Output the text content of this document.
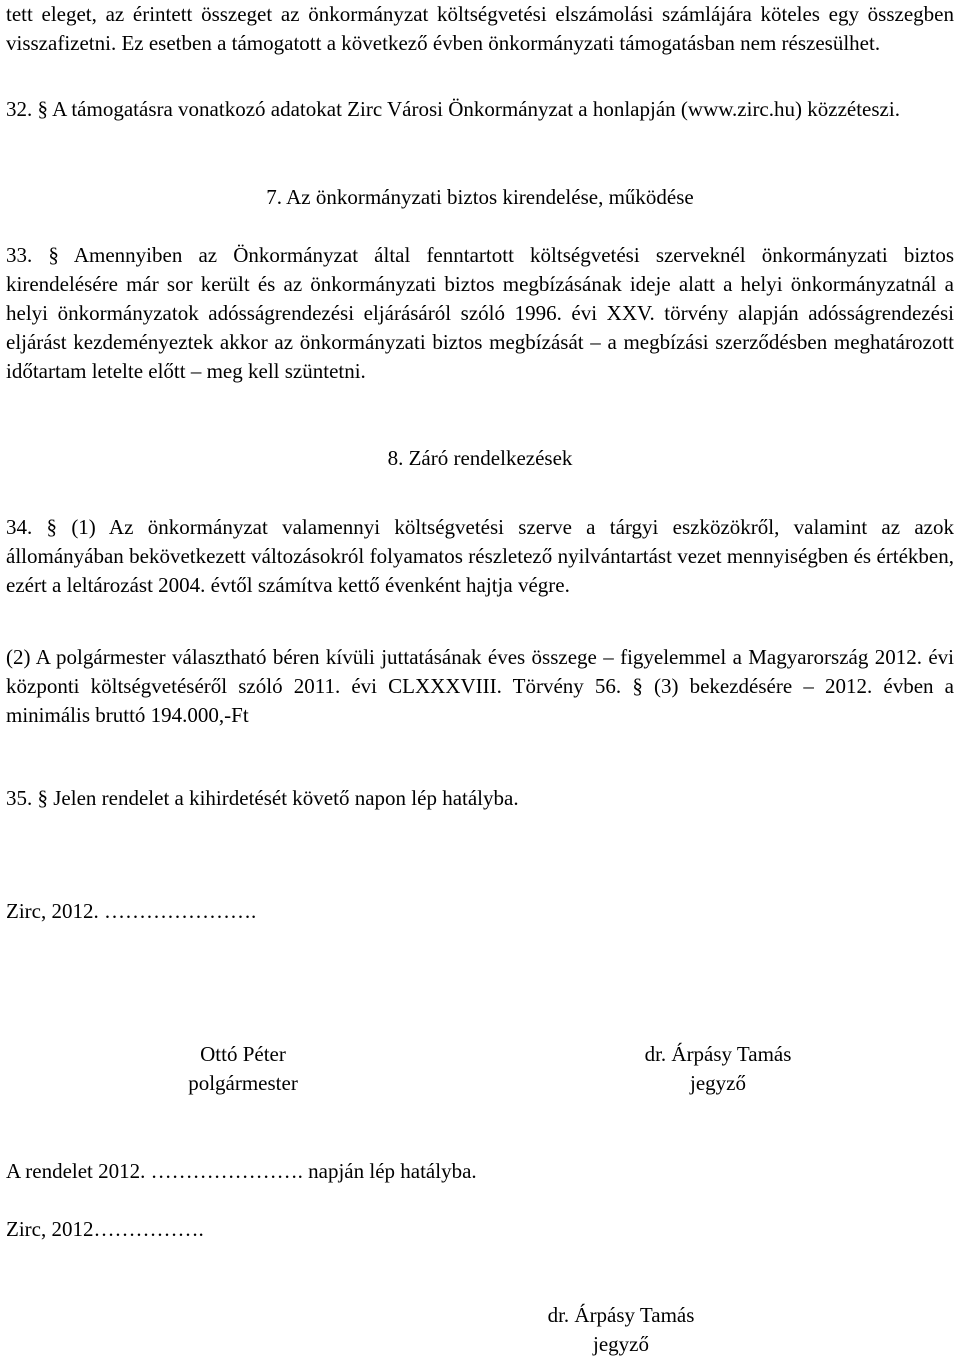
tett eleget, az érintett összeget az önkormányzat költségvetési elszámolási számlájára köteles egy összegben visszafizetni. Ez esetben a támogatott a következő évben önkormányzati támogatásban nem részesülhet.

32. § A támogatásra vonatkozó adatokat Zirc Városi Önkormányzat a honlapján (www.zirc.hu) közzéteszi.

7. Az önkormányzati biztos kirendelése, működése

33. § Amennyiben az Önkormányzat által fenntartott költségvetési szerveknél önkormányzati biztos kirendelésére már sor került és az önkormányzati biztos megbízásának ideje alatt a helyi önkormányzatnál a helyi önkormányzatok adósságrendezési eljárásáról szóló 1996. évi XXV. törvény alapján adósságrendezési eljárást kezdeményeztek akkor az önkormányzati biztos megbízását – a megbízási szerződésben meghatározott időtartam letelte előtt – meg kell szüntetni.

8. Záró rendelkezések

34. § (1) Az önkormányzat valamennyi költségvetési szerve a tárgyi eszközökről, valamint az azok állományában bekövetkezett változásokról folyamatos részletező nyilvántartást vezet mennyiségben és értékben, ezért a leltározást 2004. évtől számítva kettő évenként hajtja végre.

(2) A polgármester választható béren kívüli juttatásának éves összege – figyelemmel a Magyarország 2012. évi központi költségvetéséről szóló 2011. évi CLXXXVIII. Törvény 56. § (3) bekezdésére – 2012. évben a minimális bruttó 194.000,-Ft

35. § Jelen rendelet a kihirdetését követő napon lép hatályba.
Zirc, 2012. ………………….
Ottó Péter
polgármester
dr. Árpásy Tamás
jegyző
A rendelet 2012. …………………. napján lép hatályba.
Zirc, 2012…………….
dr. Árpásy Tamás
jegyző
